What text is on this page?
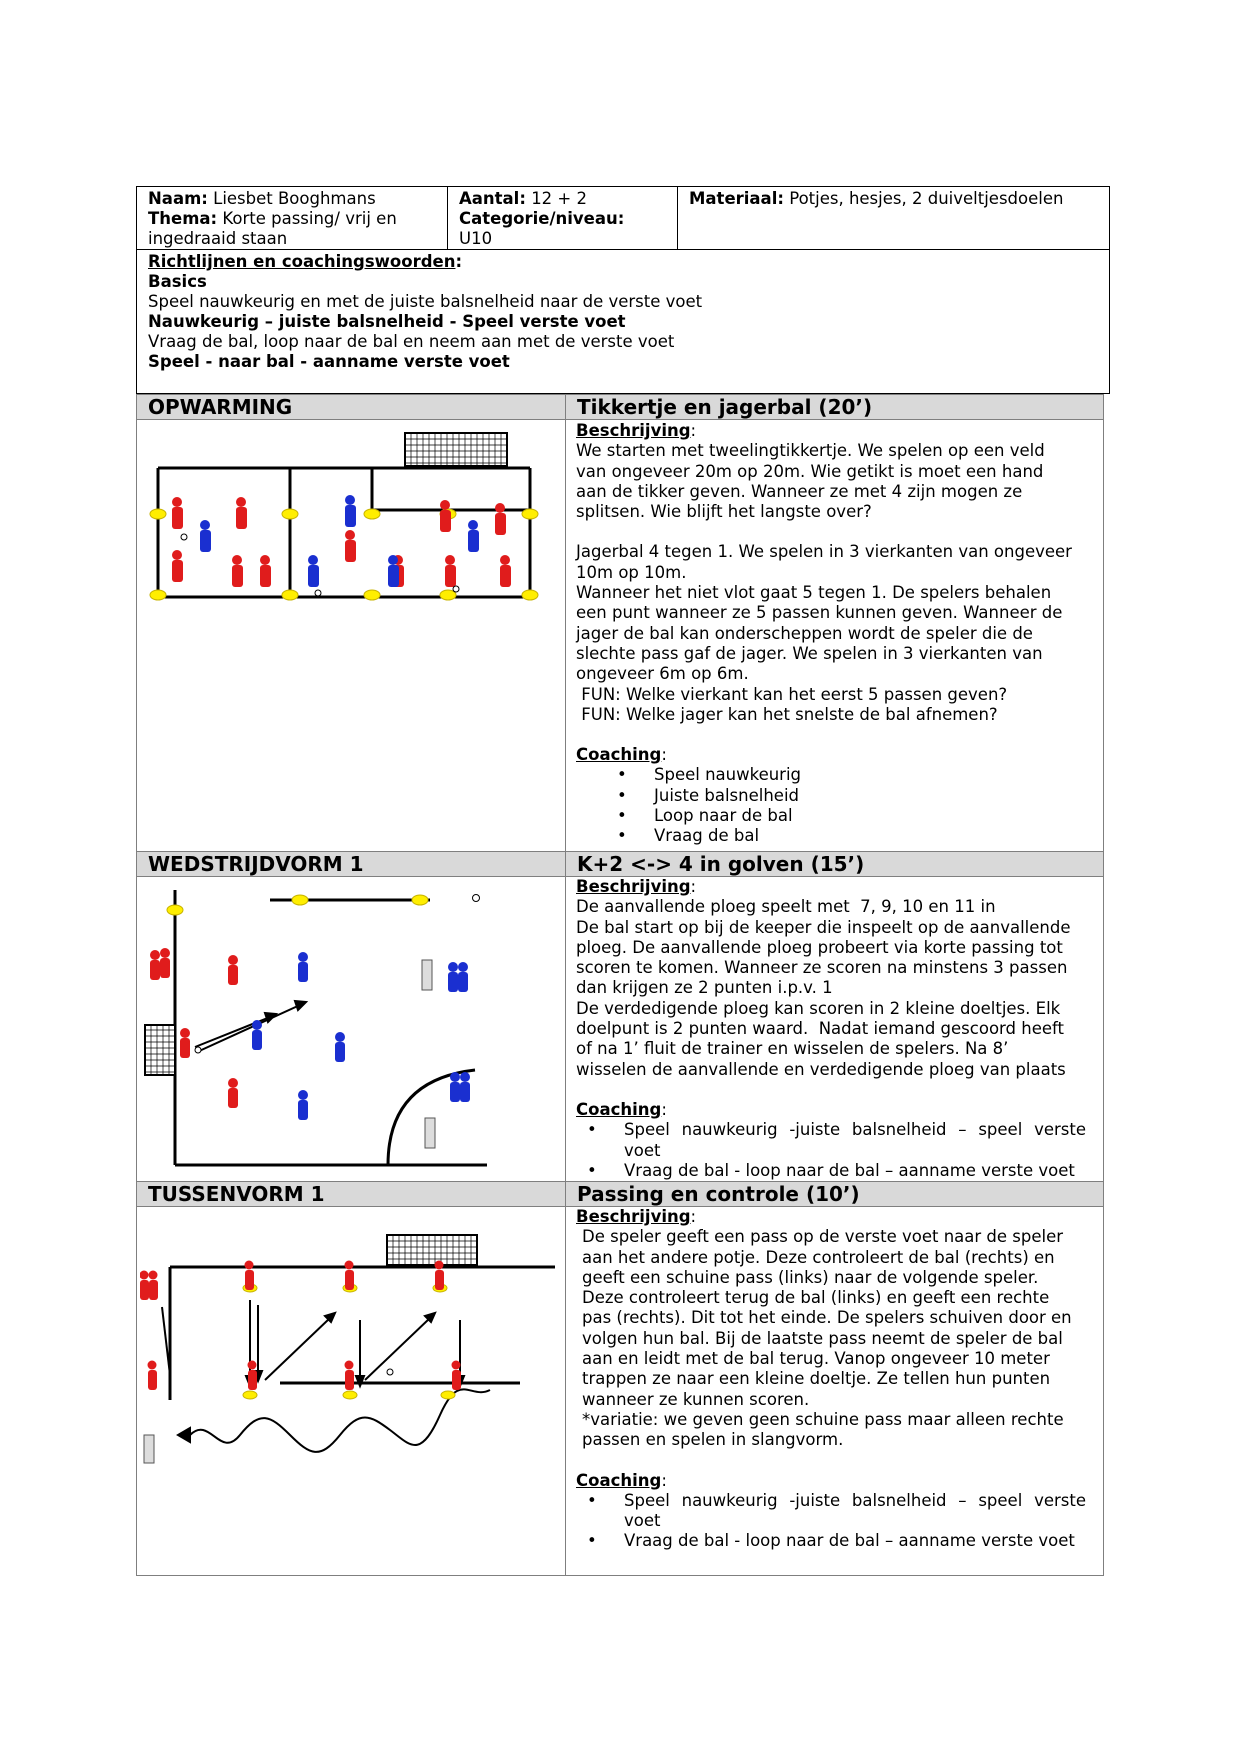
Naam: Liesbet Booghmans
Thema: Korte passing/ vrij en ingedraaid staan
Aantal: 12 + 2
Categorie/niveau:
U10
Materiaal: Potjes, hesjes, 2 duiveltjesdoelen
Richtlijnen en coachingswoorden:
Basics
Speel nauwkeurig en met de juiste balsnelheid naar de verste voet
Nauwkeurig – juiste balsnelheid - Speel verste voet
Vraag de bal, loop naar de bal en neem aan met de verste voet
Speel - naar bal - aanname verste voet
OPWARMING	Tikkertje en jagerbal (20’)

Beschrijving:

We starten met tweelingtikkertje. We spelen op een veld

van ongeveer 20m op 20m. Wie getikt is moet een hand

aan de tikker geven. Wanneer ze met 4 zijn mogen ze

splitsen. Wie blijft het langste over?

Jagerbal 4 tegen 1. We spelen in 3 vierkanten van ongeveer

10m op 10m.

Wanneer het niet vlot gaat 5 tegen 1. De spelers behalen

een punt wanneer ze 5 passen kunnen geven. Wanneer de

jager de bal kan onderscheppen wordt de speler die de

slechte pass gaf de jager. We spelen in 3 vierkanten van

ongeveer 6m op 6m.

FUN: Welke vierkant kan het eerst 5 passen geven?

FUN: Welke jager kan het snelste de bal afnemen?

Coaching:

• Speel nauwkeurig
• Juiste balsnelheid
• Loop naar de bal
• Vraag de bal
WEDSTRIJDVORM 1	K+2 <-> 4 in golven (15’)

Beschrijving:

De aanvallende ploeg speelt met  7, 9, 10 en 11 in

De bal start op bij de keeper die inspeelt op de aanvallende

ploeg. De aanvallende ploeg probeert via korte passing tot

scoren te komen. Wanneer ze scoren na minstens 3 passen

dan krijgen ze 2 punten i.p.v. 1

De verdedigende ploeg kan scoren in 2 kleine doeltjes. Elk

doelpunt is 2 punten waard.  Nadat iemand gescoord heeft

of na 1’ fluit de trainer en wisselen de spelers. Na 8’

wisselen de aanvallende en verdedigende ploeg van plaats

Coaching:

• Speel nauwkeurig -juiste balsnelheid – speel verste voet
• Vraag de bal - loop naar de bal – aanname verste voet
TUSSENVORM 1	Passing en controle (10’)

Beschrijving:

De speler geeft een pass op de verste voet naar de speler

aan het andere potje. Deze controleert de bal (rechts) en

geeft een schuine pass (links) naar de volgende speler.

Deze controleert terug de bal (links) en geeft een rechte

pas (rechts). Dit tot het einde. De spelers schuiven door en

volgen hun bal. Bij de laatste pass neemt de speler de bal

aan en leidt met de bal terug. Vanop ongeveer 10 meter

trappen ze naar een kleine doeltje. Ze tellen hun punten

wanneer ze kunnen scoren.

*variatie: we geven geen schuine pass maar alleen rechte

passen en spelen in slangvorm.

Coaching:

• Speel nauwkeurig -juiste balsnelheid – speel verste voet
• Vraag de bal - loop naar de bal – aanname verste voet
